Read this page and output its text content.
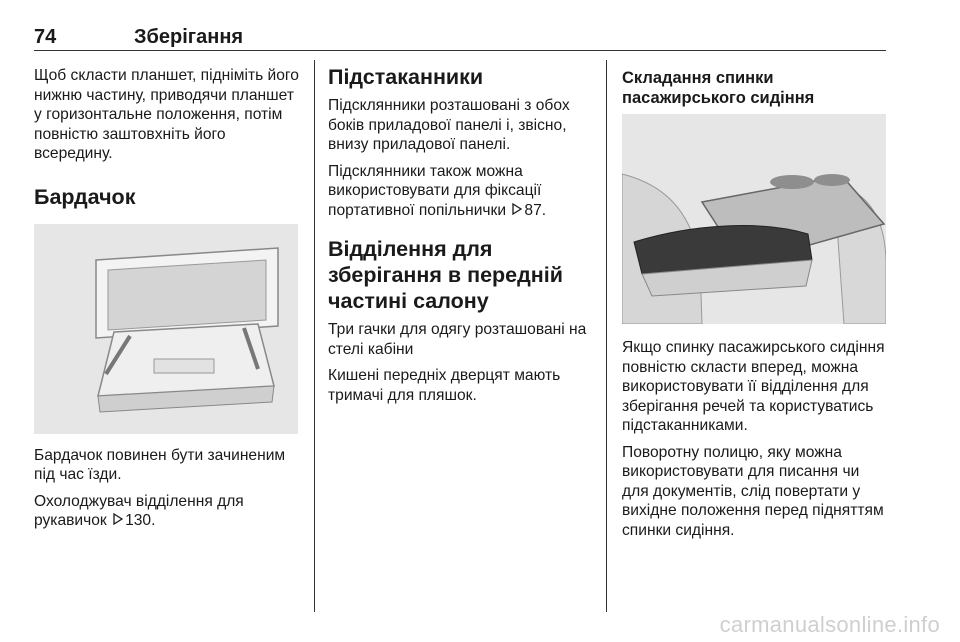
74	Зберігання

Щоб скласти планшет, підніміть його нижню частину, приводячи планшет у горизонтальне положення, потім повністю заштовхніть його всередину.

Бардачок

Бардачок повинен бути зачиненим під час їзди.

Охолоджувач відділення для рукавичок 130.

Підстаканники

Підсклянники розташовані з обох боків приладової панелі і, звісно, внизу приладової панелі.

Підсклянники також можна використовувати для фіксації портативної попільнички 87.

Відділення для зберігання в передній частині салону

Три гачки для одягу розташовані на стелі кабіни

Кишені передніх дверцят мають тримачі для пляшок.

Складання спинки пасажирського сидіння

Якщо спинку пасажирського сидіння повністю скласти вперед, можна використовувати її відділення для зберігання речей та користуватись підстаканниками.

Поворотну полицю, яку можна використовувати для писання чи для документів, слід повертати у вихідне положення перед підняттям спинки сидіння.

carmanualsonline.info
